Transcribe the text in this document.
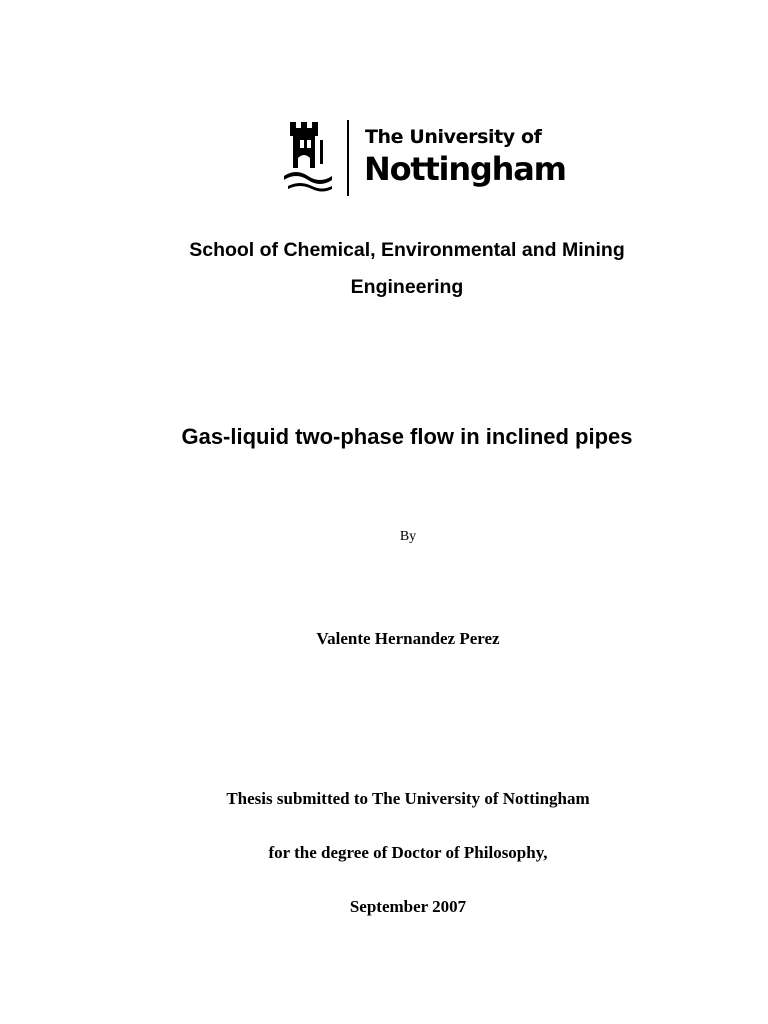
The University of
Nottingham
School of Chemical, Environmental and Mining
Engineering
Gas-liquid two-phase flow in inclined pipes
By
Valente Hernandez Perez
Thesis submitted to The University of Nottingham
for the degree of Doctor of Philosophy,
September 2007
